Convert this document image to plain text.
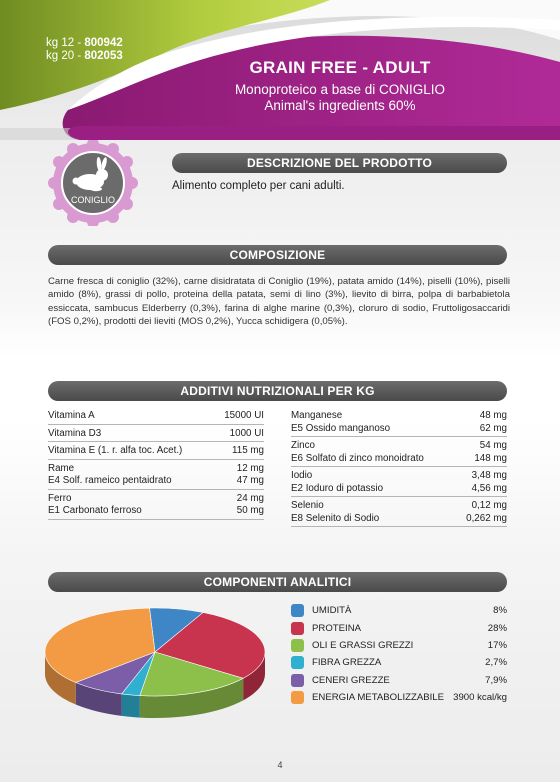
kg 12 - 800942
kg 20 - 802053
GRAIN FREE - ADULT
Monoproteico a base di CONIGLIO
Animal's ingredients 60%
CONIGLIO
DESCRIZIONE DEL PRODOTTO
Alimento completo per cani adulti.
COMPOSIZIONE
Carne fresca di coniglio (32%), carne disidratata di Coniglio (19%), patata amido (14%), piselli (10%), piselli amido (8%), grassi di pollo, proteina della patata, semi di lino (3%), lievito di birra, polpa di barbabietola essiccata, sambucus Elderberry (0,3%), farina di alghe marine (0,3%), cloruro di sodio, Fruttoligosaccaridi (FOS 0,2%), prodotti dei lieviti (MOS 0,2%), Yucca schidigera (0,05%).
ADDITIVI NUTRIZIONALI PER KG
Vitamina A	15000 UI
Vitamina D3	1000 UI
Vitamina E (1. r. alfa toc. Acet.)	115 mg
Rame	12 mg
E4 Solf. rameico pentaidrato	47 mg
Ferro	24 mg
E1 Carbonato ferroso	50 mg
Manganese	48 mg
E5 Ossido manganoso	62 mg
Zinco	54 mg
E6 Solfato di zinco monoidrato	148 mg
Iodio	3,48 mg
E2 Ioduro di potassio	4,56 mg
Selenio	0,12 mg
E8 Selenito di Sodio	0,262 mg
COMPONENTI ANALITICI
UMIDITÀ	8%
PROTEINA	28%
OLI E GRASSI GREZZI	17%
FIBRA GREZZA	2,7%
CENERI GREZZE	7,9%
ENERGIA METABOLIZZABILE 3900 kcal/kg
4
